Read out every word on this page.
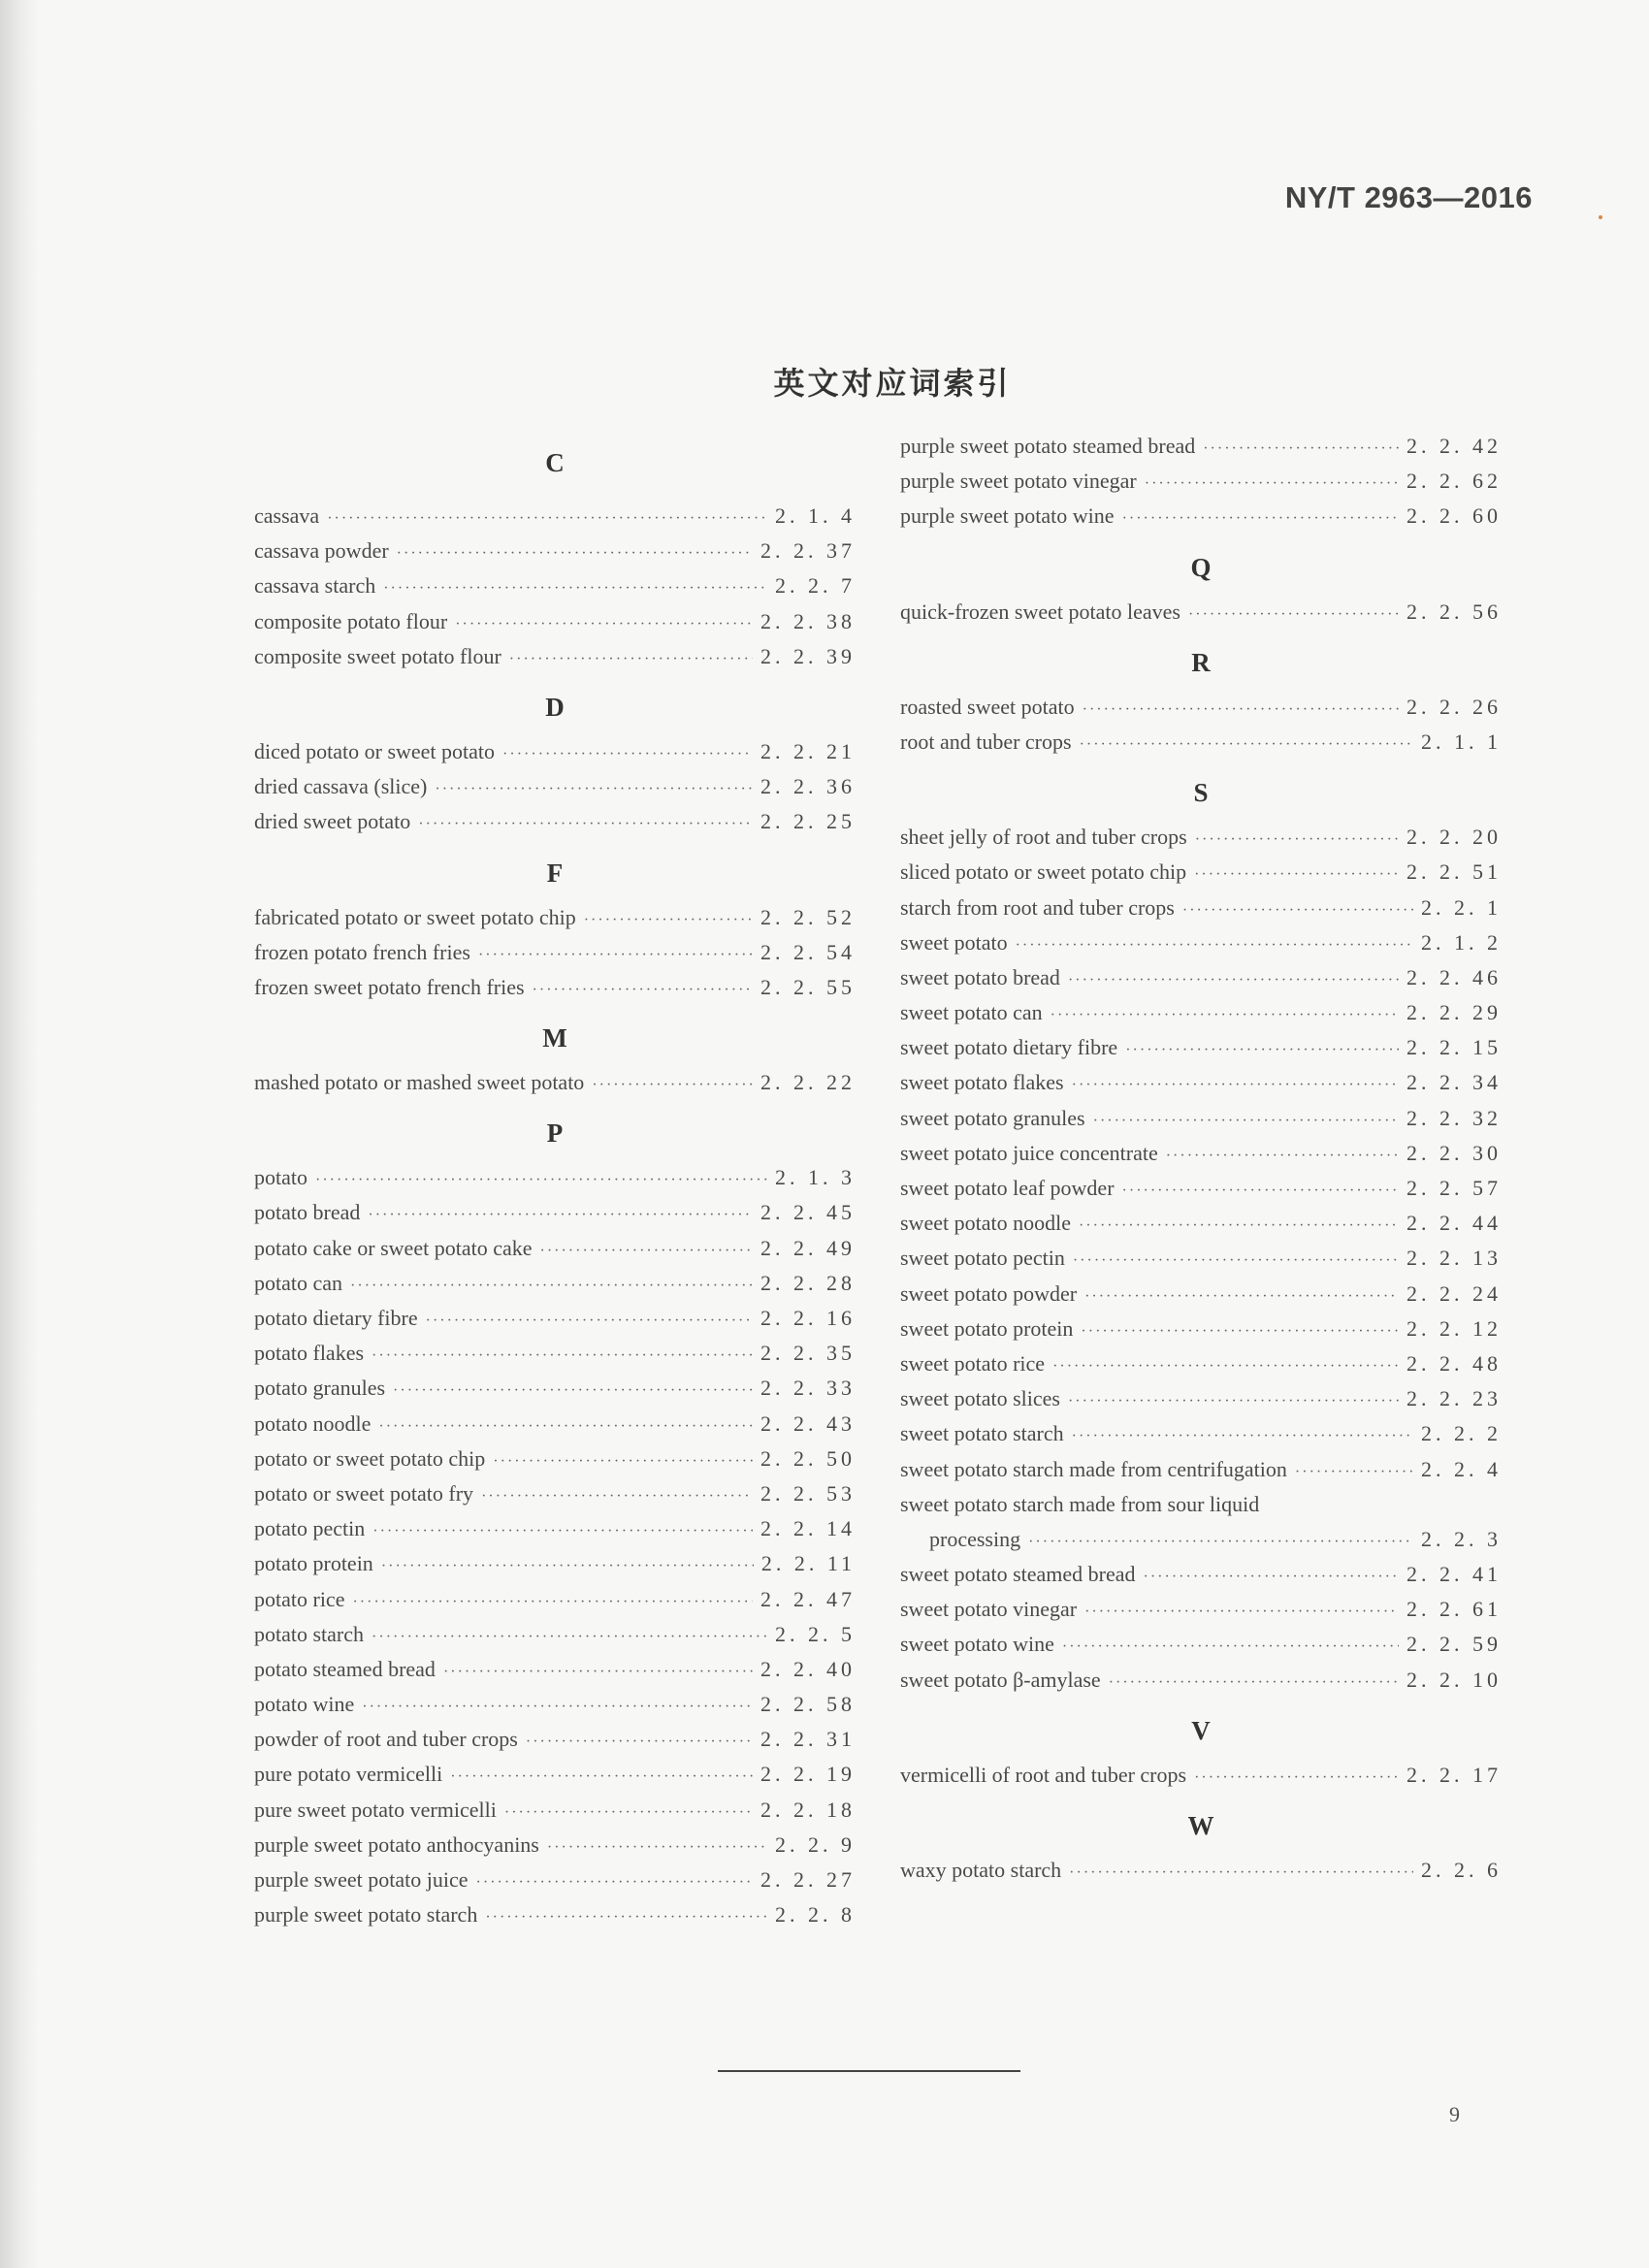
NY/T 2963—2016
英文对应词索引
C
cassava ·····	2. 1. 4
cassava powder ·····	2. 2. 37
cassava starch ·····	2. 2. 7
composite potato flour ·····	2. 2. 38
composite sweet potato flour ·····	2. 2. 39
D
diced potato or sweet potato ·····	2. 2. 21
dried cassava (slice) ·····	2. 2. 36
dried sweet potato ·····	2. 2. 25
F
fabricated potato or sweet potato chip ·····	2. 2. 52
frozen potato french fries ·····	2. 2. 54
frozen sweet potato french fries ·····	2. 2. 55
M
mashed potato or mashed sweet potato ·····	2. 2. 22
P
potato ·····	2. 1. 3
potato bread ·····	2. 2. 45
potato cake or sweet potato cake ·····	2. 2. 49
potato can ·····	2. 2. 28
potato dietary fibre ·····	2. 2. 16
potato flakes ·····	2. 2. 35
potato granules ·····	2. 2. 33
potato noodle ·····	2. 2. 43
potato or sweet potato chip ·····	2. 2. 50
potato or sweet potato fry ·····	2. 2. 53
potato pectin ·····	2. 2. 14
potato protein ·····	2. 2. 11
potato rice ·····	2. 2. 47
potato starch ·····	2. 2. 5
potato steamed bread ·····	2. 2. 40
potato wine ·····	2. 2. 58
powder of root and tuber crops ·····	2. 2. 31
pure potato vermicelli ·····	2. 2. 19
pure sweet potato vermicelli ·····	2. 2. 18
purple sweet potato anthocyanins ·····	2. 2. 9
purple sweet potato juice ·····	2. 2. 27
purple sweet potato starch ·····	2. 2. 8
purple sweet potato steamed bread ·····	2. 2. 42
purple sweet potato vinegar ·····	2. 2. 62
purple sweet potato wine ·····	2. 2. 60
Q
quick-frozen sweet potato leaves ·····	2. 2. 56
R
roasted sweet potato ·····	2. 2. 26
root and tuber crops ·····	2. 1. 1
S
sheet jelly of root and tuber crops ·····	2. 2. 20
sliced potato or sweet potato chip ·····	2. 2. 51
starch from root and tuber crops ·····	2. 2. 1
sweet potato ·····	2. 1. 2
sweet potato bread ·····	2. 2. 46
sweet potato can ·····	2. 2. 29
sweet potato dietary fibre ·····	2. 2. 15
sweet potato flakes ·····	2. 2. 34
sweet potato granules ·····	2. 2. 32
sweet potato juice concentrate ·····	2. 2. 30
sweet potato leaf powder ·····	2. 2. 57
sweet potato noodle ·····	2. 2. 44
sweet potato pectin ·····	2. 2. 13
sweet potato powder ·····	2. 2. 24
sweet potato protein ·····	2. 2. 12
sweet potato rice ·····	2. 2. 48
sweet potato slices ·····	2. 2. 23
sweet potato starch ·····	2. 2. 2
sweet potato starch made from centrifugation ·····	2. 2. 4
sweet potato starch made from sour liquid
processing ·····	2. 2. 3
sweet potato steamed bread ·····	2. 2. 41
sweet potato vinegar ·····	2. 2. 61
sweet potato wine ·····	2. 2. 59
sweet potato β-amylase ·····	2. 2. 10
V
vermicelli of root and tuber crops ·····	2. 2. 17
W
waxy potato starch ·····	2. 2. 6
9
